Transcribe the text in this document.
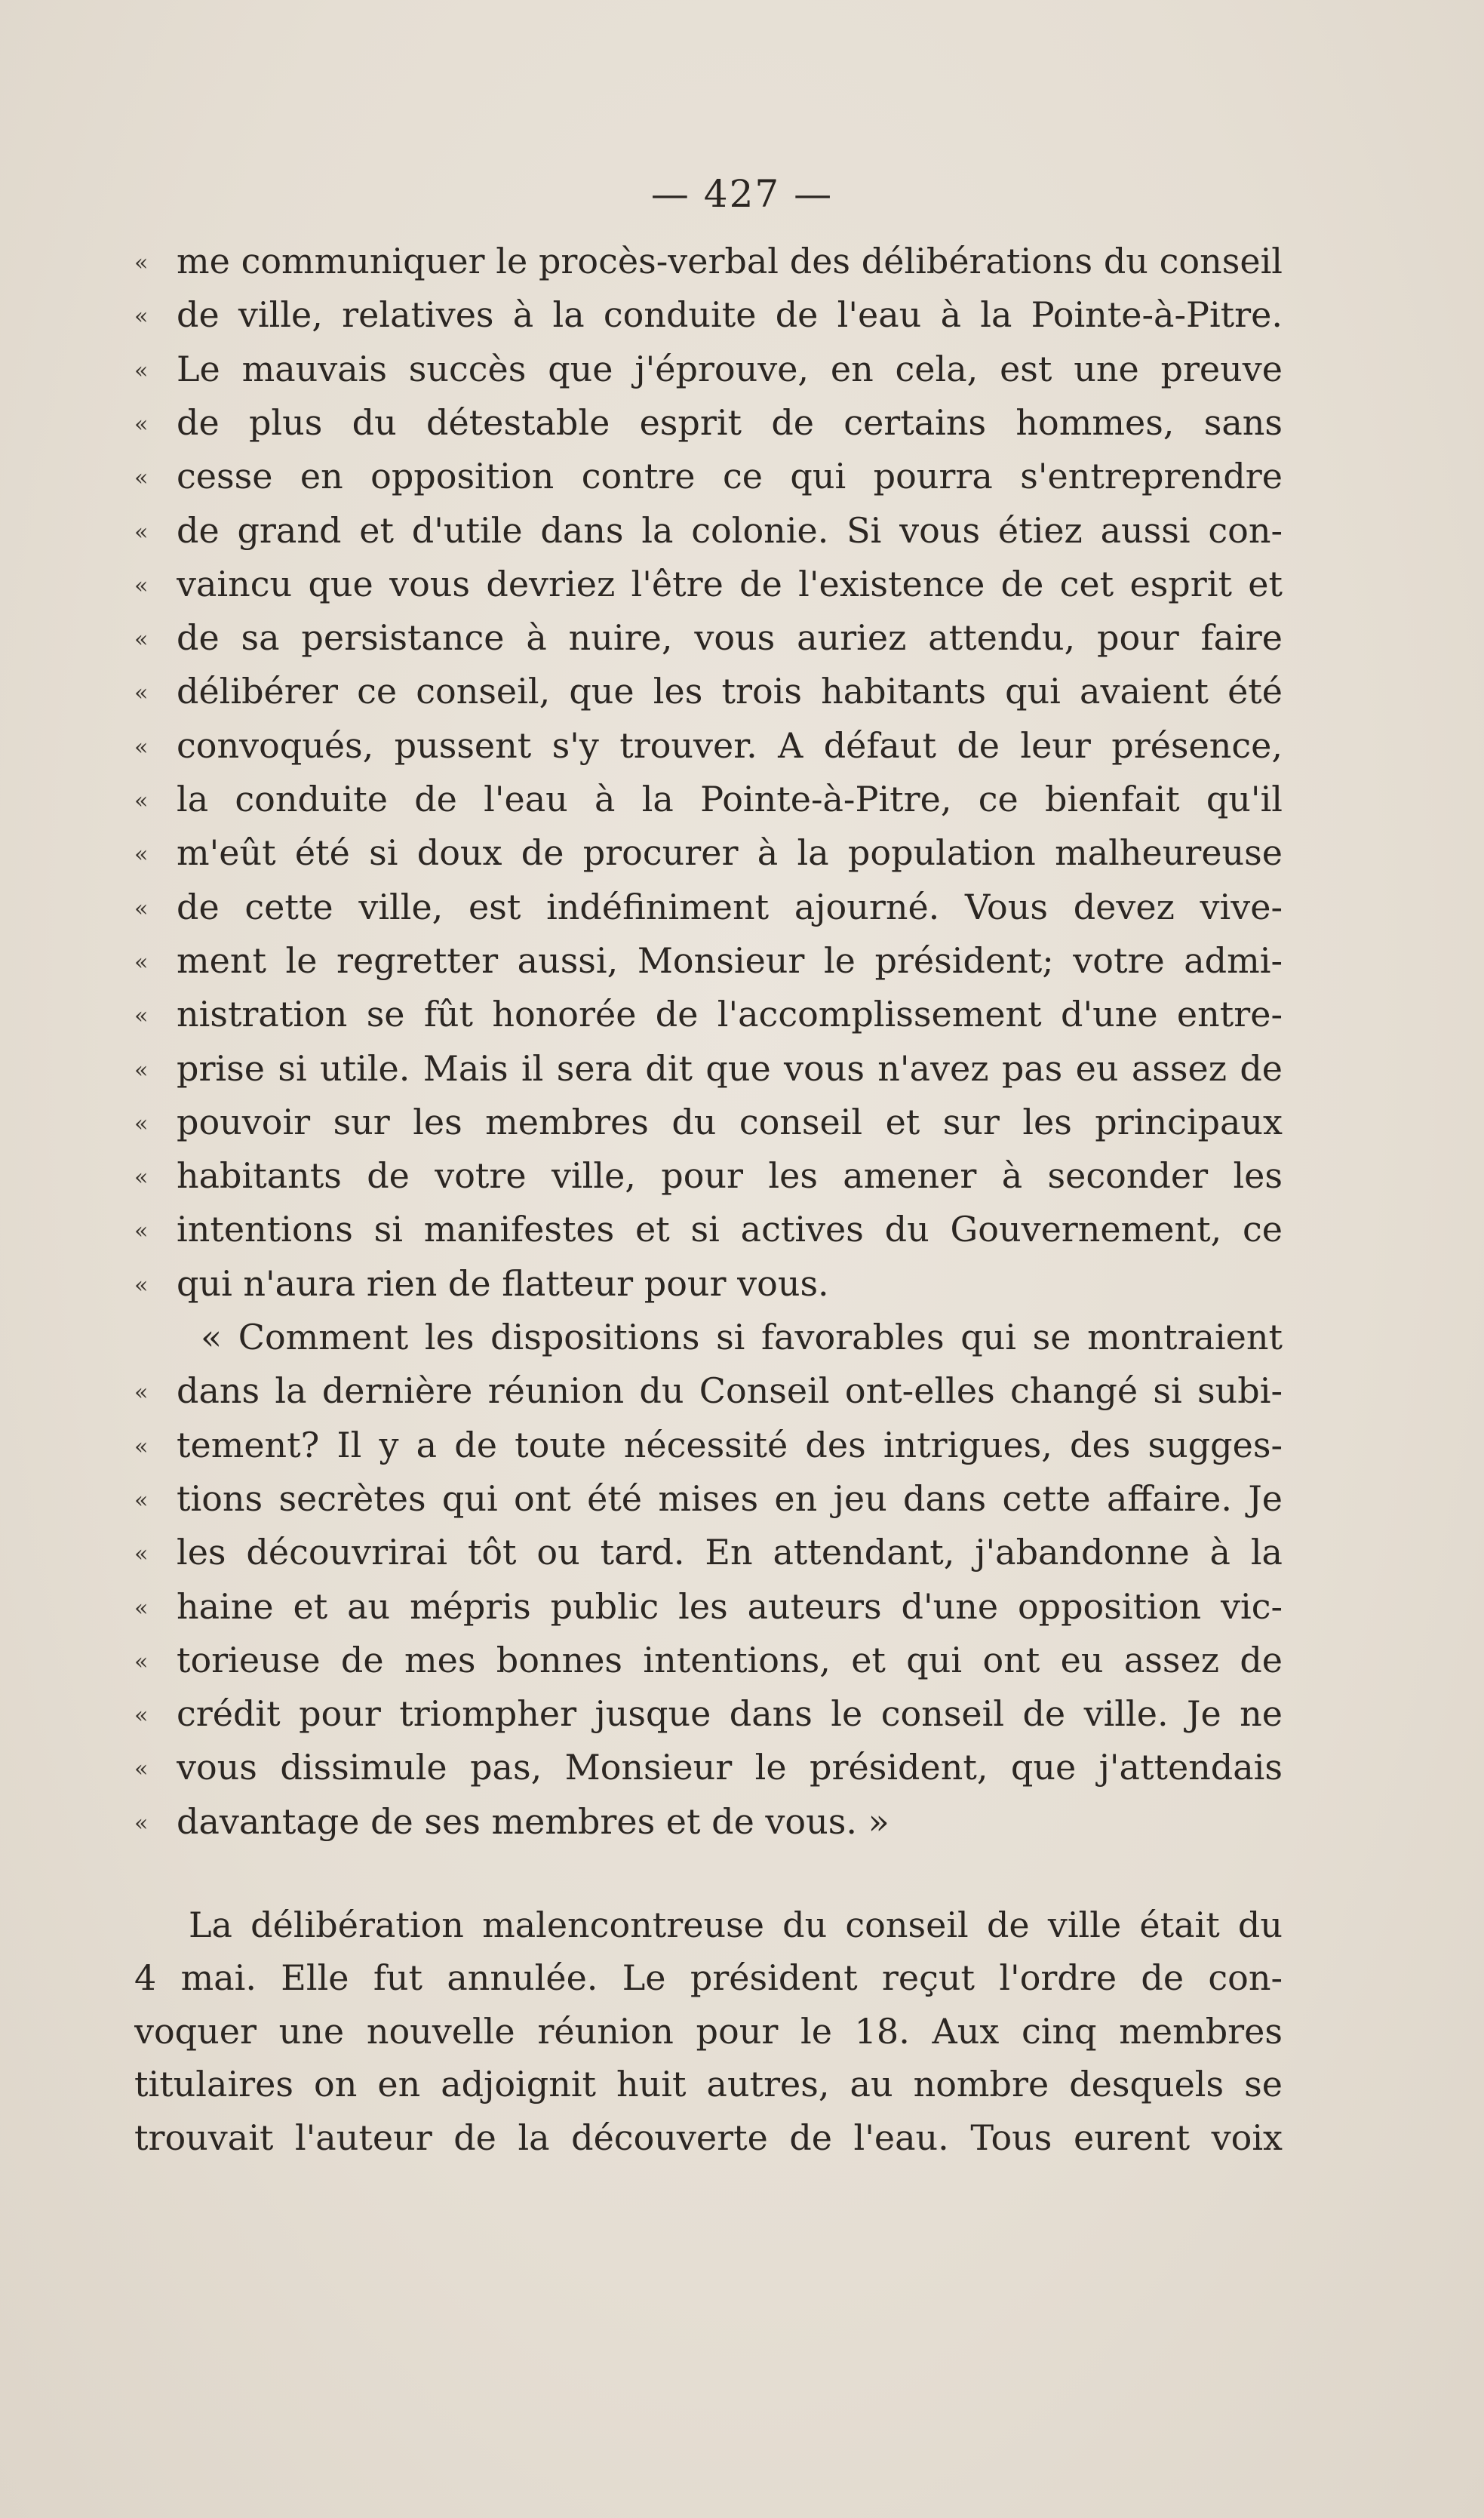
— 427 —
« me communiquer le procès-verbal des délibérations du conseil
« de ville, relatives à la conduite de l'eau à la Pointe-à-Pitre.
« Le mauvais succès que j'éprouve, en cela, est une preuve
« de plus du détestable esprit de certains hommes, sans
« cesse en opposition contre ce qui pourra s'entreprendre
« de grand et d'utile dans la colonie. Si vous étiez aussi con-
« vaincu que vous devriez l'être de l'existence de cet esprit et
« de sa persistance à nuire, vous auriez attendu, pour faire
« délibérer ce conseil, que les trois habitants qui avaient été
« convoqués, pussent s'y trouver. A défaut de leur présence,
« la conduite de l'eau à la Pointe-à-Pitre, ce bienfait qu'il
« m'eût été si doux de procurer à la population malheureuse
« de cette ville, est indéfiniment ajourné. Vous devez vive-
« ment le regretter aussi, Monsieur le président; votre admi-
« nistration se fût honorée de l'accomplissement d'une entre-
« prise si utile. Mais il sera dit que vous n'avez pas eu assez de
« pouvoir sur les membres du conseil et sur les principaux
« habitants de votre ville, pour les amener à seconder les
« intentions si manifestes et si actives du Gouvernement, ce
« qui n'aura rien de flatteur pour vous.
« Comment les dispositions si favorables qui se montraient
« dans la dernière réunion du Conseil ont-elles changé si subi-
« tement? Il y a de toute nécessité des intrigues, des sugges-
« tions secrètes qui ont été mises en jeu dans cette affaire. Je
« les découvrirai tôt ou tard. En attendant, j'abandonne à la
« haine et au mépris public les auteurs d'une opposition vic-
« torieuse de mes bonnes intentions, et qui ont eu assez de
« crédit pour triompher jusque dans le conseil de ville. Je ne
« vous dissimule pas, Monsieur le président, que j'attendais
« davantage de ses membres et de vous. »
La délibération malencontreuse du conseil de ville était du
4 mai. Elle fut annulée. Le président reçut l'ordre de con-
voquer une nouvelle réunion pour le 18. Aux cinq membres
titulaires on en adjoignit huit autres, au nombre desquels se
trouvait l'auteur de la découverte de l'eau. Tous eurent voix
